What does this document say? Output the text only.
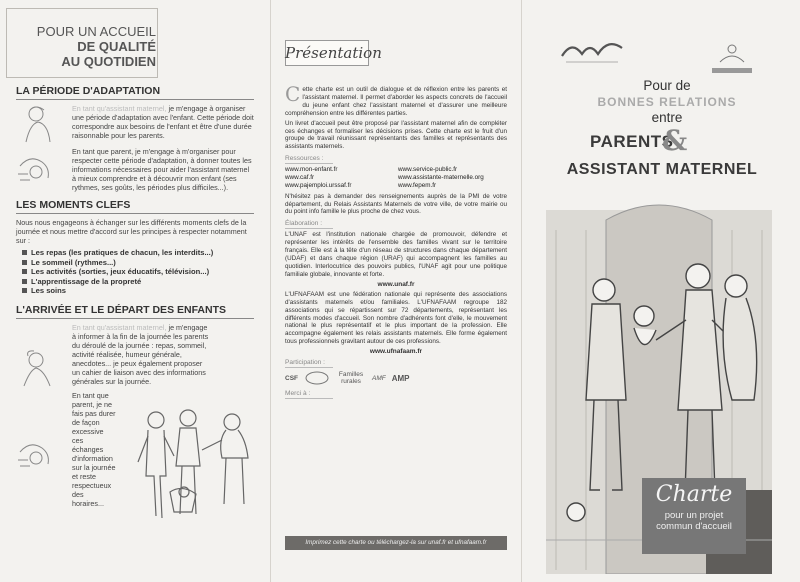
POUR UN ACCUEIL
DE QUALITÉ
AU QUOTIDIEN
LA PÉRIODE D'ADAPTATION

En tant qu'assistant maternel, je m'engage à organiser une période d'adaptation avec l'enfant. Cette période doit correspondre aux besoins de l'enfant et être d'une durée raisonnable pour les parents.

En tant que parent, je m'engage à m'organiser pour respecter cette période d'adaptation, à donner toutes les informations nécessaires pour aider l'assistant maternel à mieux comprendre et à découvrir mon enfant (ses rythmes, ses goûts, les périodes plus difficiles...).

LES MOMENTS CLEFS

Nous nous engageons à échanger sur les différents moments clefs de la journée et nous mettre d'accord sur les principes à respecter notamment sur :

Les repas (les pratiques de chacun, les interdits...)
Le sommeil (rythmes...)
Les activités (sorties, jeux éducatifs, télévision...)
L'apprentissage de la propreté
Les soins
L'ARRIVÉE ET LE DÉPART DES ENFANTS

En tant qu'assistant maternel, je m'engage à informer à la fin de la journée les parents du déroulé de la journée : repas, sommeil, activité réalisée, humeur générale, anecdotes... je peux également proposer un cahier de liaison avec des informations générales sur la journée.

En tant que parent, je ne fais pas durer de façon excessive ces échanges d'information sur la journée et reste respectueux des horaires...

Présentation

Cette charte est un outil de dialogue et de réflexion entre les parents et l'assistant maternel. Il permet d'aborder les aspects concrets de l'accueil du jeune enfant chez l'assistant maternel et d'assurer une meilleure compréhension entre les différentes parties.

Un livret d'accueil peut être proposé par l'assistant maternel afin de compléter ces échanges et formaliser les décisions prises. Cette charte est le fruit d'un groupe de travail réunissant représentants des familles et représentants des assistants maternels.

Ressources :
www.mon-enfant.fr	www.service-public.fr
www.caf.fr	www.assistante-maternelle.org
www.pajemploi.urssaf.fr	www.fepem.fr

N'hésitez pas à demander des renseignements auprès de la PMI de votre département, du Relais Assistants Maternels de votre ville, de votre mairie ou du point info famille le plus proche de chez vous.

Élaboration :

L'UNAF est l'institution nationale chargée de promouvoir, défendre et représenter les intérêts de l'ensemble des familles vivant sur le territoire français. Elle est à la tête d'un réseau de structures dans chaque département (UDAF) et dans chaque région (URAF) qui accompagnent les familles au quotidien. Interlocutrice des pouvoirs publics, l'UNAF agit pour une politique familiale globale, innovante et forte.

www.unaf.fr

L'UFNAFAAM est une fédération nationale qui représente des associations d'assistants maternels et/ou familiales. L'UFNAFAAM regroupe 182 associations qui se répartissent sur 72 départements, représentant les différents modes d'accueil. Son nombre d'adhérents font d'elle, le mouvement national le plus représentatif et le plus important de la profession. Elle accompagne également les relais assistants maternels. Elle forme également tous professionnels gravitant autour de ces professions.

www.ufnafaam.fr
Participation :
CSF	Familles rurales	AMF AMP
Merci à :
Imprimez cette charte ou téléchargez-la sur unaf.fr et ufnafaam.fr
Pour de
BONNES RELATIONS
entre
PARENTS
&
ASSISTANT MATERNEL
Charte
pour un projet
commun d'accueil
